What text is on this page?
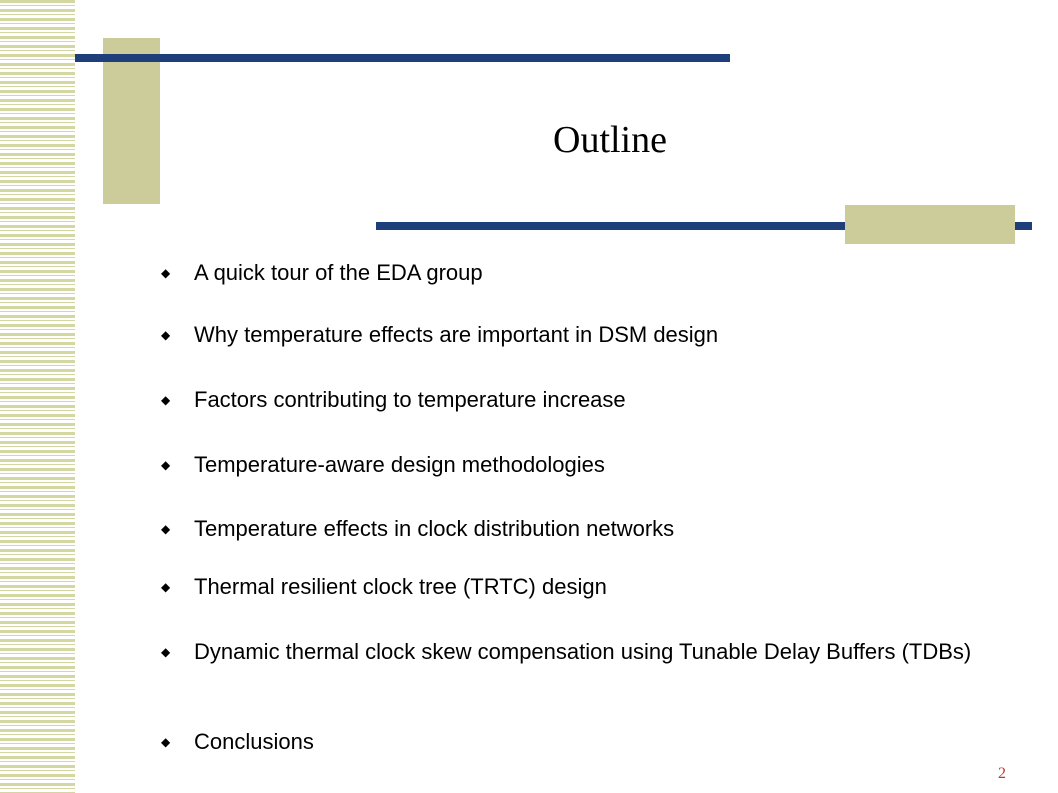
Outline
◆	A quick tour of the EDA group
◆	Why temperature effects are important in DSM design
◆	Factors contributing to temperature increase
◆	Temperature-aware design methodologies
◆	Temperature effects in clock distribution networks
◆	Thermal resilient clock tree (TRTC) design
◆	Dynamic thermal clock skew compensation using Tunable Delay Buffers (TDBs)
◆	Conclusions
2
